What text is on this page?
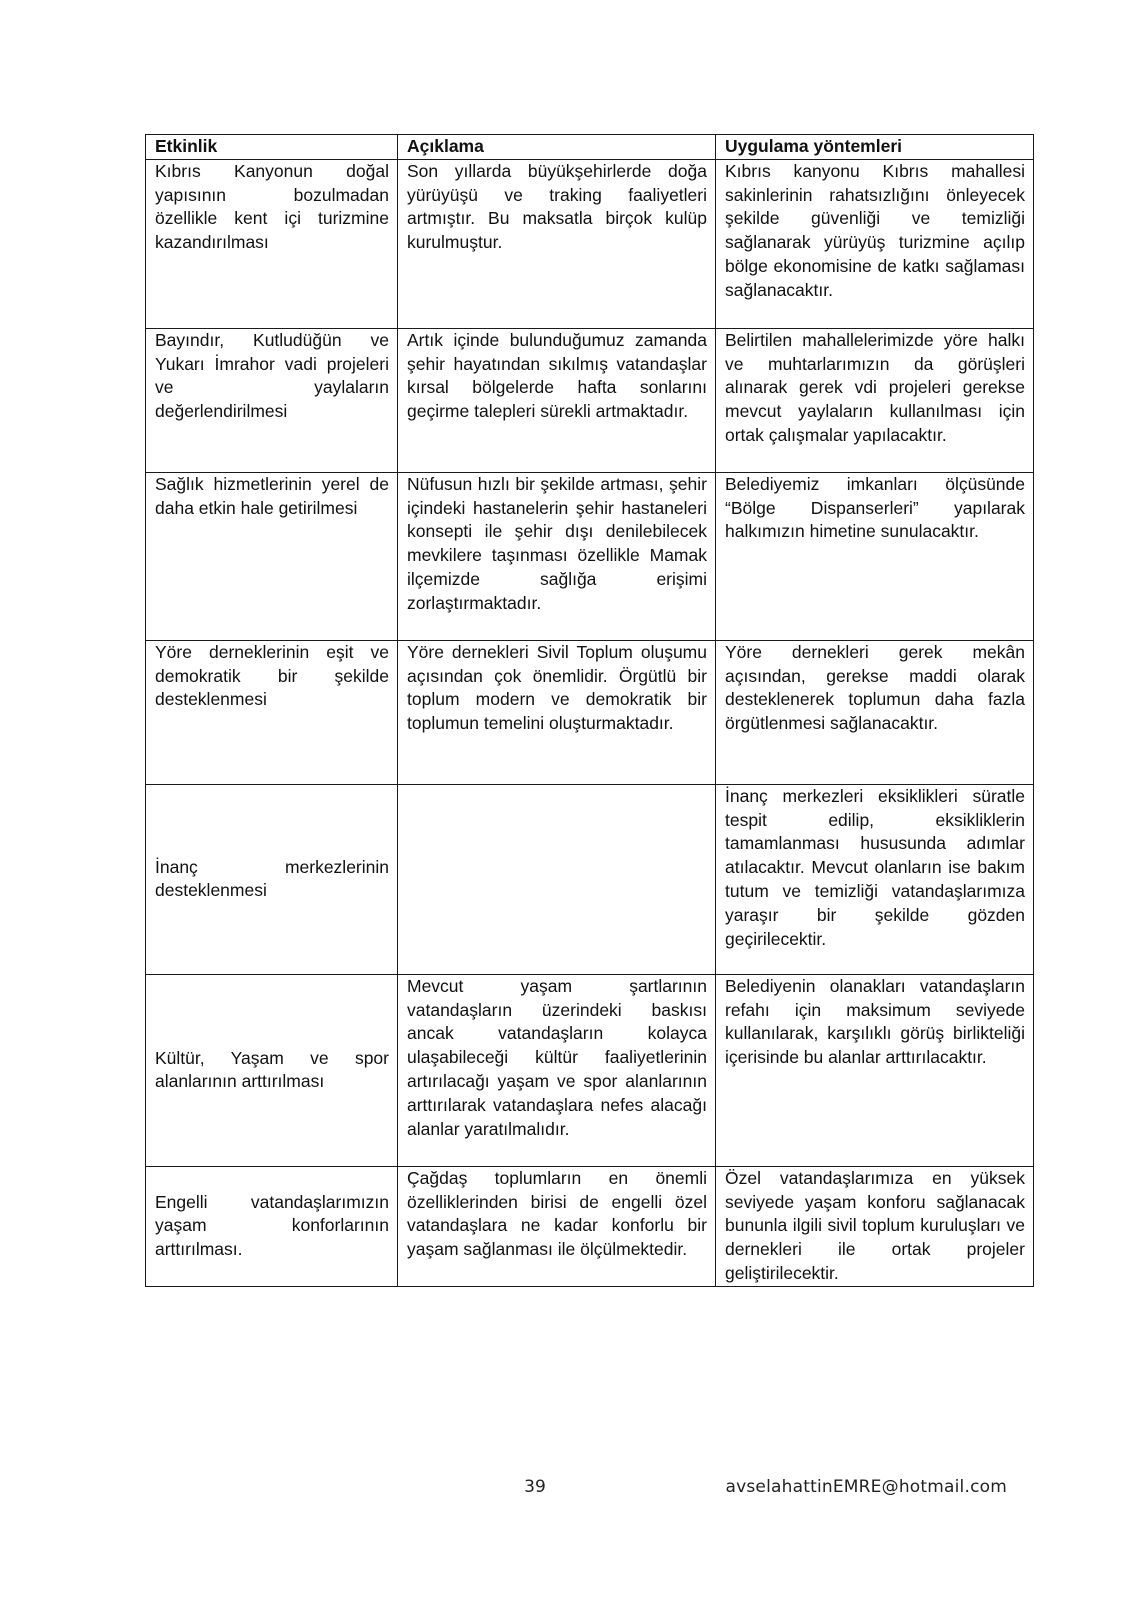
Etkinlik	Açıklama	Uygulama yöntemleri
Kıbrıs Kanyonun doğal yapısının bozulmadan özellikle kent içi turizmine kazandırılması	Son yıllarda büyükşehirlerde doğa yürüyüşü ve traking faaliyetleri artmıştır. Bu maksatla birçok kulüp kurulmuştur.	Kıbrıs kanyonu Kıbrıs mahallesi sakinlerinin rahatsızlığını önleyecek şekilde güvenliği ve temizliği sağlanarak yürüyüş turizmine açılıp bölge ekonomisine de katkı sağlaması sağlanacaktır.
Bayındır, Kutludüğün ve Yukarı İmrahor vadi projeleri ve yaylaların değerlendirilmesi	Artık içinde bulunduğumuz zamanda şehir hayatından sıkılmış vatandaşlar kırsal bölgelerde hafta sonlarını geçirme talepleri sürekli artmaktadır.	Belirtilen mahallelerimizde yöre halkı ve muhtarlarımızın da görüşleri alınarak gerek vdi projeleri gerekse mevcut yaylaların kullanılması için ortak çalışmalar yapılacaktır.
Sağlık hizmetlerinin yerel de daha etkin hale getirilmesi	Nüfusun hızlı bir şekilde artması, şehir içindeki hastanelerin şehir hastaneleri konsepti ile şehir dışı denilebilecek mevkilere taşınması özellikle Mamak ilçemizde sağlığa erişimi zorlaştırmaktadır.	Belediyemiz imkanları ölçüsünde “Bölge Dispanserleri” yapılarak halkımızın himetine sunulacaktır.
Yöre derneklerinin eşit ve demokratik bir şekilde desteklenmesi	Yöre dernekleri Sivil Toplum oluşumu açısından çok önemlidir. Örgütlü bir toplum modern ve demokratik bir toplumun temelini oluşturmaktadır.	Yöre dernekleri gerek mekân açısından, gerekse maddi olarak desteklenerek toplumun daha fazla örgütlenmesi sağlanacaktır.
İnanç merkezlerinin desteklenmesi		İnanç merkezleri eksiklikleri süratle tespit edilip, eksikliklerin tamamlanması hususunda adımlar atılacaktır. Mevcut olanların ise bakım tutum ve temizliği vatandaşlarımıza yaraşır bir şekilde gözden geçirilecektir.
Kültür, Yaşam ve spor alanlarının arttırılması	Mevcut yaşam şartlarının vatandaşların üzerindeki baskısı ancak vatandaşların kolayca ulaşabileceği kültür faaliyetlerinin artırılacağı yaşam ve spor alanlarının arttırılarak vatandaşlara nefes alacağı alanlar yaratılmalıdır.	Belediyenin olanakları vatandaşların refahı için maksimum seviyede kullanılarak, karşılıklı görüş birlikteliği içerisinde bu alanlar arttırılacaktır.
Engelli vatandaşlarımızın yaşam konforlarının arttırılması.	Çağdaş toplumların en önemli özelliklerinden birisi de engelli özel vatandaşlara ne kadar konforlu bir yaşam sağlanması ile ölçülmektedir.	Özel vatandaşlarımıza en yüksek seviyede yaşam konforu sağlanacak bununla ilgili sivil toplum kuruluşları ve dernekleri ile ortak projeler geliştirilecektir.
39	avselahattinEMRE@hotmail.com
